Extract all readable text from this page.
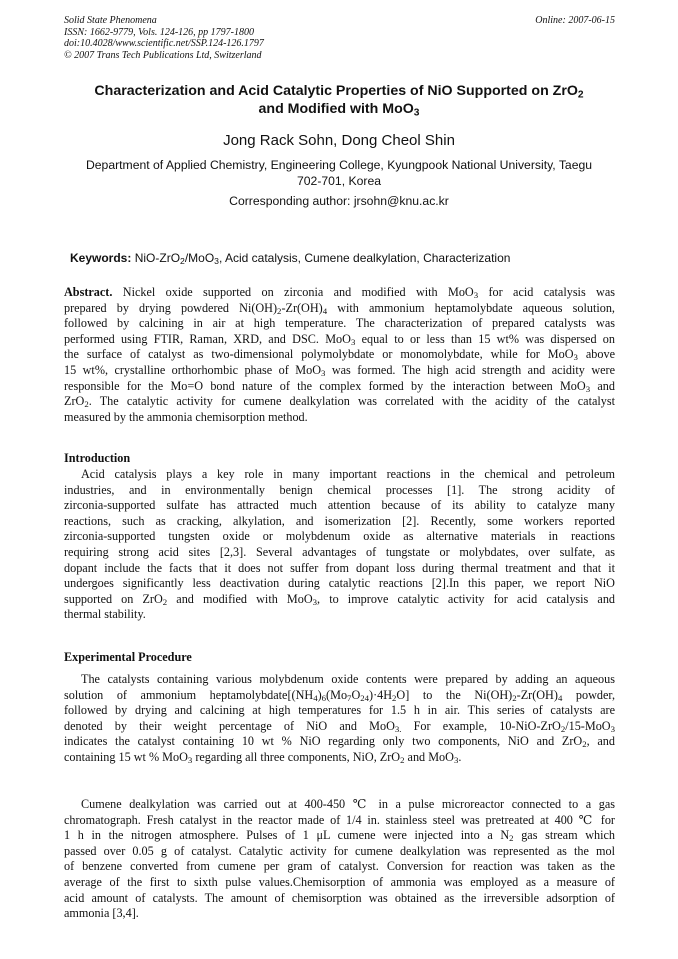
Solid State Phenomena
ISSN: 1662-9779, Vols. 124-126, pp 1797-1800
doi:10.4028/www.scientific.net/SSP.124-126.1797
© 2007 Trans Tech Publications Ltd, Switzerland
Online: 2007-06-15
Characterization and Acid Catalytic Properties of NiO Supported on ZrO$_2$
and Modified with MoO$_3$
Jong Rack Sohn, Dong Cheol Shin
Department of Applied Chemistry, Engineering College, Kyungpook National University, Taegu
702-701, Korea
Corresponding author: jrsohn@knu.ac.kr
Keywords: NiO-ZrO$_2$/MoO$_3$, Acid catalysis, Cumene dealkylation, Characterization
Abstract. Nickel oxide supported on zirconia and modified with MoO$_3$ for acid catalysis was
prepared by drying powdered $Ni(OH)_2-Zr(OH)_4$ with ammonium heptamolybdate aqueous solution,
followed by calcining in air at high temperature. The characterization of prepared catalysts was
performed using FTIR, Raman, XRD, and DSC. MoO$_3$ equal to or less than 15 wt% was dispersed on
the surface of catalyst as two-dimensional polymolybdate or monomolybdate, while for MoO$_3$ above
15 wt%, crystalline orthorhombic phase of MoO$_3$ was formed. The high acid strength and acidity were
responsible for the Mo=O bond nature of the complex formed by the interaction between MoO$_3$ and
ZrO$_2$. The catalytic activity for cumene dealkylation was correlated with the acidity of the catalyst
measured by the ammonia chemisorption method.
Introduction
Acid catalysis plays a key role in many important reactions in the chemical and petroleum
industries, and in environmentally benign chemical processes [1]. The strong acidity of
zirconia-supported sulfate has attracted much attention because of its ability to catalyze many
reactions, such as cracking, alkylation, and isomerization [2]. Recently, some workers reported
zirconia-supported tungsten oxide or molybdenum oxide as alternative materials in reactions
requiring strong acid sites [2,3]. Several advantages of tungstate or molybdates, over sulfate, as
dopant include the facts that it does not suffer from dopant loss during thermal treatment and that it
undergoes significantly less deactivation during catalytic reactions [2].In this paper, we report NiO
supported on ZrO$_2$ and modified with MoO$_3$, to improve catalytic activity for acid catalysis and
thermal stability.
Experimental Procedure
The catalysts containing various molybdenum oxide contents were prepared by adding an aqueous
solution of ammonium $heptamolybdate[(NH_4)_6(Mo_7O_{24})\cdot 4H_2O]$ to the $Ni(OH)_2-Zr(OH)_4$ powder,
followed by drying and calcining at high temperatures for 1.5 h in air. This series of catalysts are
denoted by their weight percentage of NiO and MoO$_{3.}$ For example, 10-NiO-ZrO$_2$/15-MoO$_3$
indicates the catalyst containing 10 wt % NiO regarding only two components, NiO and ZrO$_2$, and
containing 15 wt % MoO$_3$ regarding all three components, NiO, ZrO$_2$ and MoO$_3$.
Cumene dealkylation was carried out at 400-450 ℃ in a pulse microreactor connected to a gas
chromatograph. Fresh catalyst in the reactor made of 1/4 in. stainless steel was pretreated at 400 ℃ for
1 h in the nitrogen atmosphere. Pulses of 1 μL cumene were injected into a $N_2$ gas stream which
passed over 0.05 g of catalyst. Catalytic activity for cumene dealkylation was represented as the mol
of benzene converted from cumene per gram of catalyst. Conversion for reaction was taken as the
average of the first to sixth pulse values.Chemisorption of ammonia was employed as a measure of
acid amount of catalysts. The amount of chemisorption was obtained as the irreversible adsorption of
ammonia [3,4].
